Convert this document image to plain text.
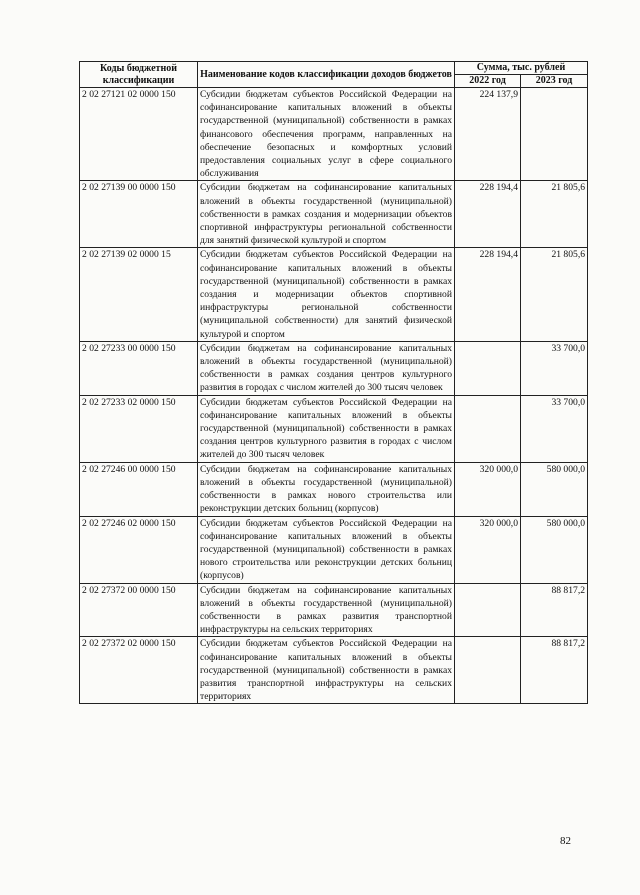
Коды бюджетной классификации	Наименование кодов классификации доходов бюджетов	Сумма, тыс. рублей	
		2022 год	2023 год
2 02 27121 02 0000 150	Субсидии бюджетам субъектов Российской Федерации на софинансирование капитальных вложений в объекты государственной (муниципальной) собственности в рамках финансового обеспечения программ, направленных на обеспечение безопасных и комфортных условий предоставления социальных услуг в сфере социального обслуживания	224 137,9	
2 02 27139 00 0000 150	Субсидии бюджетам на софинансирование капитальных вложений в объекты государственной (муниципальной) собственности в рамках создания и модернизации объектов спортивной инфраструктуры региональной собственности для занятий физической культурой и спортом	228 194,4	21 805,6
2 02 27139 02 0000 15	Субсидии бюджетам субъектов Российской Федерации на софинансирование капитальных вложений в объекты государственной (муниципальной) собственности в рамках создания и модернизации объектов спортивной инфраструктуры региональной собственности (муниципальной собственности) для занятий физической культурой и спортом	228 194,4	21 805,6
2 02 27233 00 0000 150	Субсидии бюджетам на софинансирование капитальных вложений в объекты государственной (муниципальной) собственности в рамках создания центров культурного развития в городах с числом жителей до 300 тысяч человек		33 700,0
2 02 27233 02 0000 150	Субсидии бюджетам субъектов Российской Федерации на софинансирование капитальных вложений в объекты государственной (муниципальной) собственности в рамках создания центров культурного развития в городах с числом жителей до 300 тысяч человек		33 700,0
2 02 27246 00 0000 150	Субсидии бюджетам на софинансирование капитальных вложений в объекты государственной (муниципальной) собственности в рамках нового строительства или реконструкции детских больниц (корпусов)	320 000,0	580 000,0
2 02 27246 02 0000 150	Субсидии бюджетам субъектов Российской Федерации на софинансирование капитальных вложений в объекты государственной (муниципальной) собственности в рамках нового строительства или реконструкции детских больниц (корпусов)	320 000,0	580 000,0
2 02 27372 00 0000 150	Субсидии бюджетам на софинансирование капитальных вложений в объекты государственной (муниципальной) собственности в рамках развития транспортной инфраструктуры на сельских территориях		88 817,2
2 02 27372 02 0000 150	Субсидии бюджетам субъектов Российской Федерации на софинансирование капитальных вложений в объекты государственной (муниципальной) собственности в рамках развития транспортной инфраструктуры на сельских территориях		88 817,2
82
